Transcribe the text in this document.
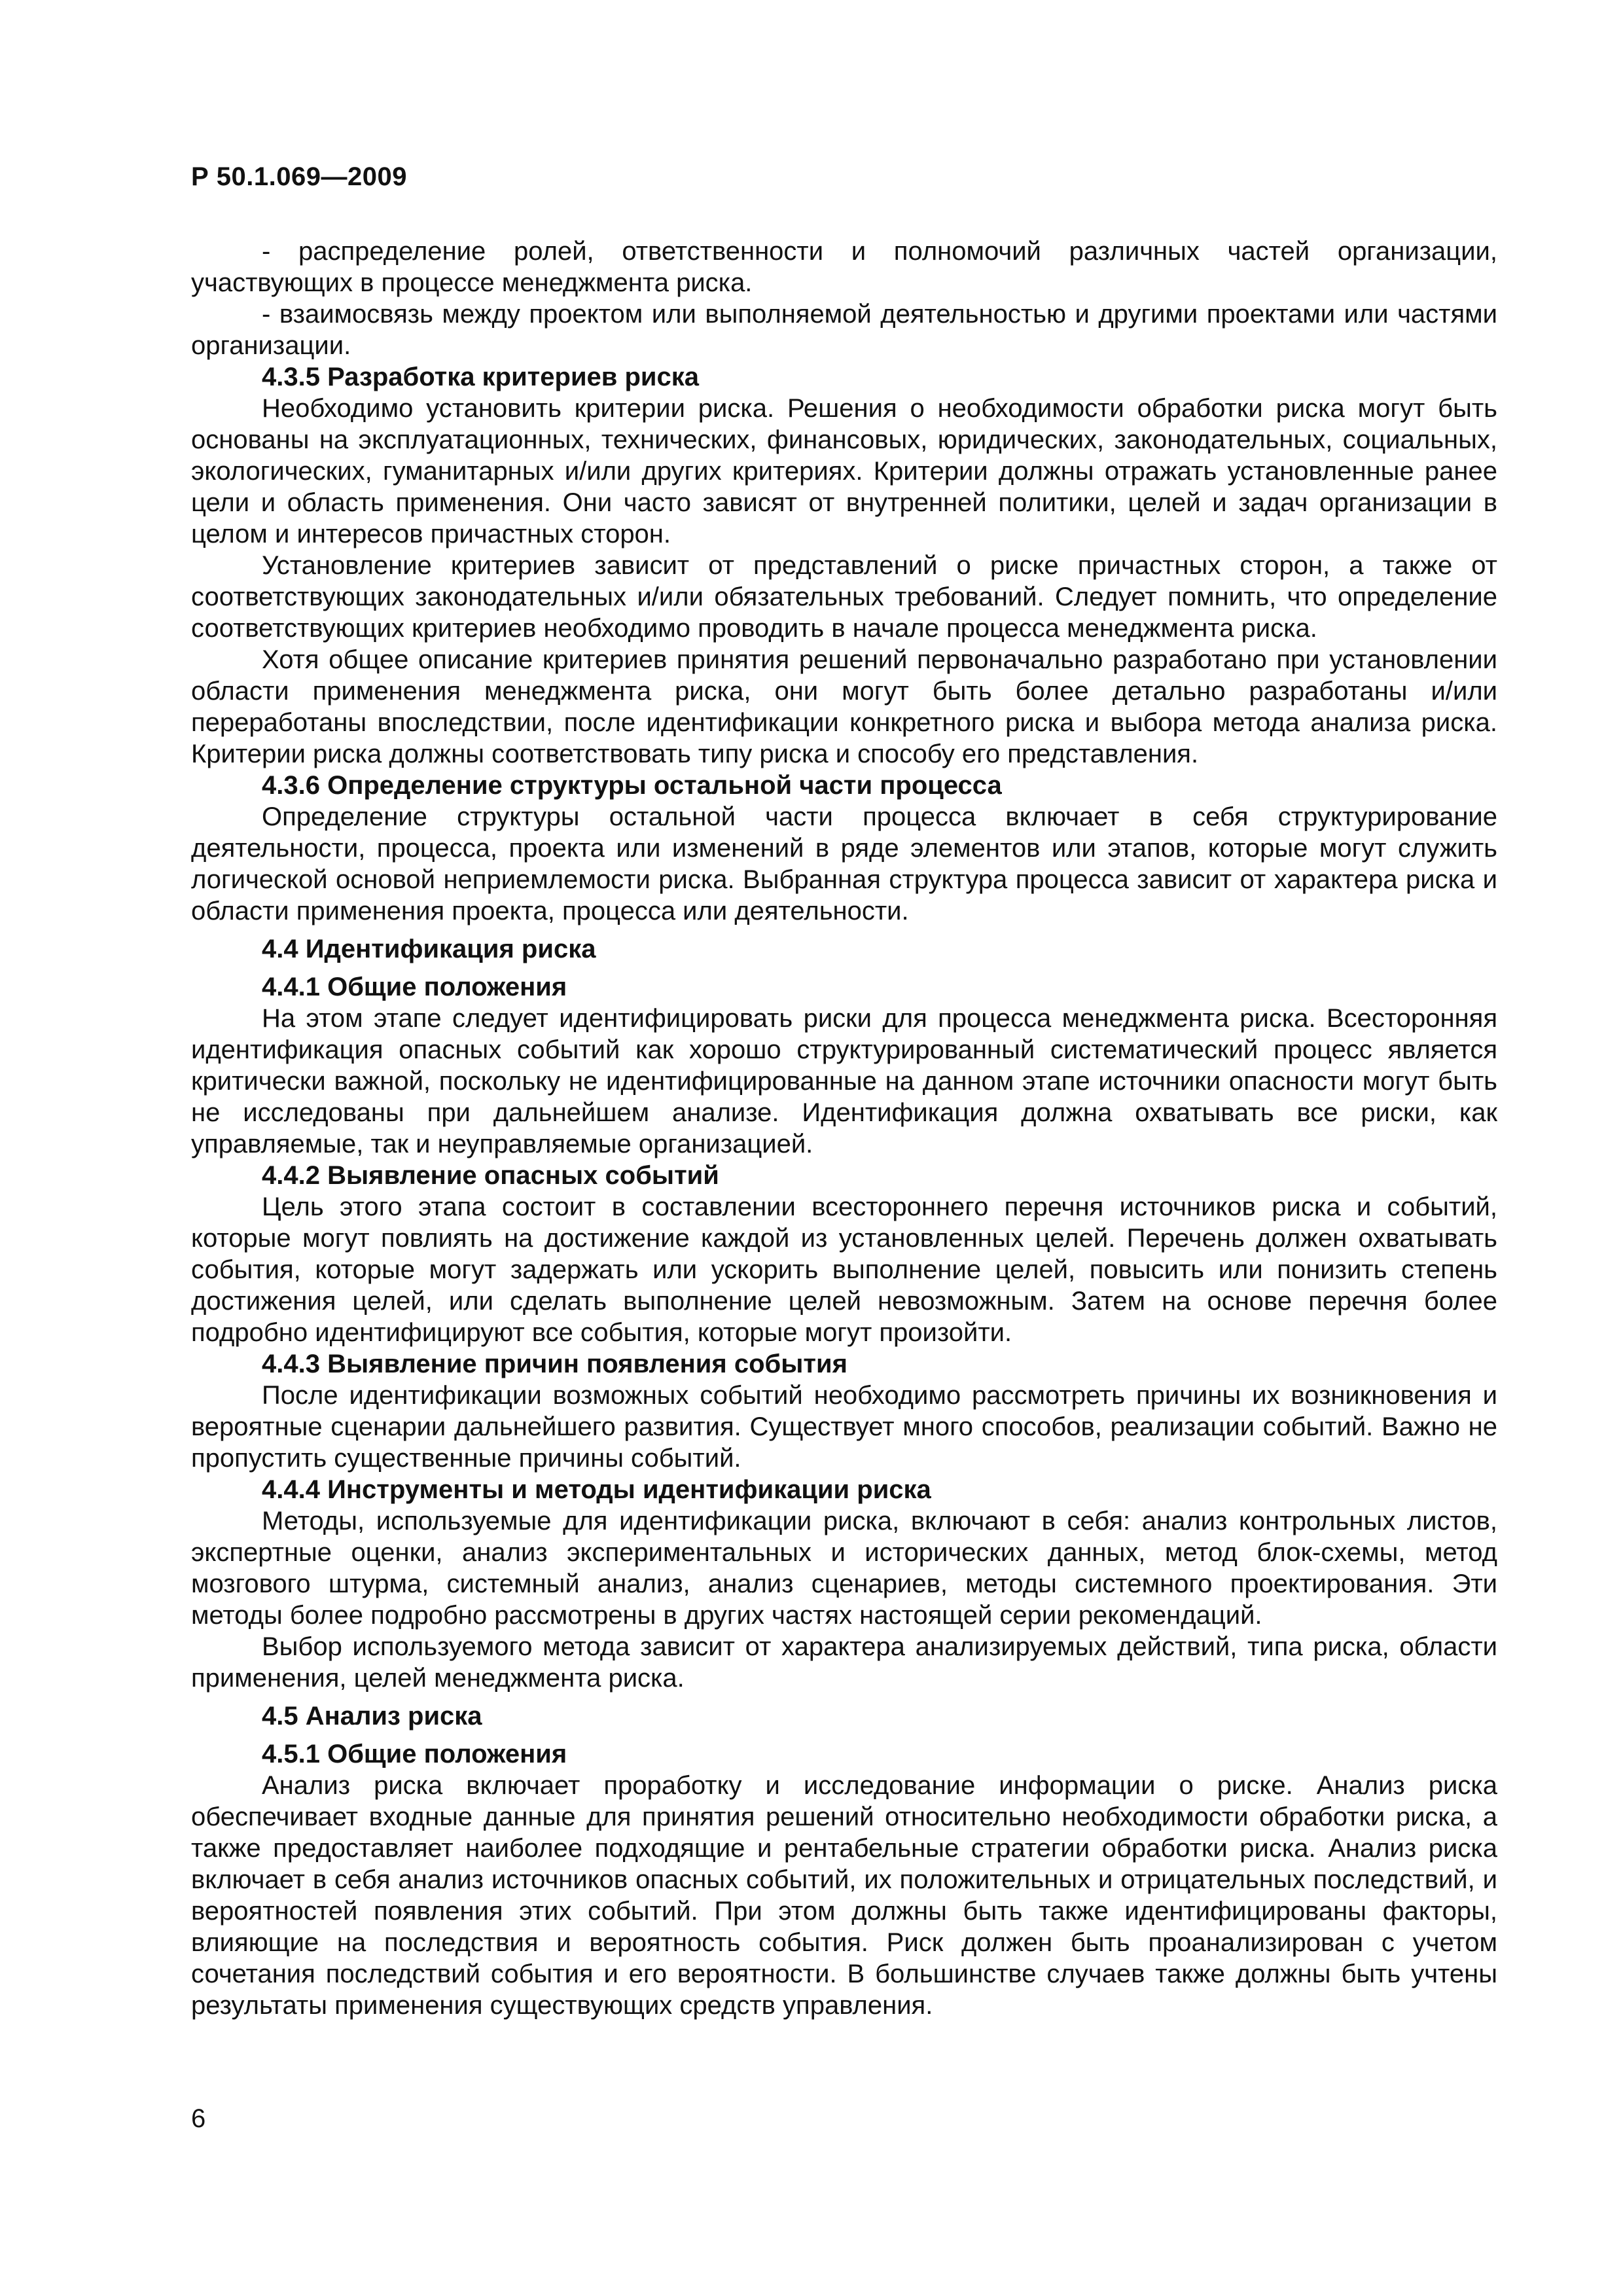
Р 50.1.069—2009

- распределение ролей, ответственности и полномочий различных частей организации, участвующих в процессе менеджмента риска.

- взаимосвязь между проектом или выполняемой деятельностью и другими проектами или частями организации.

4.3.5 Разработка критериев риска

Необходимо установить критерии риска. Решения о необходимости обработки риска могут быть основаны на эксплуатационных, технических, финансовых, юридических, законодательных, социальных, экологических, гуманитарных и/или других критериях. Критерии должны отражать установленные ранее цели и область применения. Они часто зависят от внутренней политики, целей и задач организации в целом и интересов причастных сторон.

Установление критериев зависит от представлений о риске причастных сторон, а также от соответствующих законодательных и/или обязательных требований. Следует помнить, что определение соответствующих критериев необходимо проводить в начале процесса менеджмента риска.

Хотя общее описание критериев принятия решений первоначально разработано при установлении области применения менеджмента риска, они могут быть более детально разработаны и/или переработаны впоследствии, после идентификации конкретного риска и выбора метода анализа риска. Критерии риска должны соответствовать типу риска и способу его представления.

4.3.6 Определение структуры остальной части процесса

Определение структуры остальной части процесса включает в себя структурирование деятельности, процесса, проекта или изменений в ряде элементов или этапов, которые могут служить логической основой неприемлемости риска. Выбранная структура процесса зависит от характера риска и области применения проекта, процесса или деятельности.

4.4 Идентификация риска

4.4.1 Общие положения

На этом этапе следует идентифицировать риски для процесса менеджмента риска. Всесторонняя идентификация опасных событий как хорошо структурированный систематический процесс является критически важной, поскольку не идентифицированные на данном этапе источники опасности могут быть не исследованы при дальнейшем анализе. Идентификация должна охватывать все риски, как управляемые, так и неуправляемые организацией.

4.4.2 Выявление опасных событий

Цель этого этапа состоит в составлении всестороннего перечня источников риска и событий, которые могут повлиять на достижение каждой из установленных целей. Перечень должен охватывать события, которые могут задержать или ускорить выполнение целей, повысить или понизить степень достижения целей, или сделать выполнение целей невозможным. Затем на основе перечня более подробно идентифицируют все события, которые могут произойти.

4.4.3 Выявление причин появления события

После идентификации возможных событий необходимо рассмотреть причины их возникновения и вероятные сценарии дальнейшего развития. Существует много способов, реализации событий. Важно не пропустить существенные причины событий.

4.4.4 Инструменты и методы идентификации риска

Методы, используемые для идентификации риска, включают в себя: анализ контрольных листов, экспертные оценки, анализ экспериментальных и исторических данных, метод блок-схемы, метод мозгового штурма, системный анализ, анализ сценариев, методы системного проектирования. Эти методы более подробно рассмотрены в других частях настоящей серии рекомендаций.

Выбор используемого метода зависит от характера анализируемых действий, типа риска, области применения, целей менеджмента риска.

4.5 Анализ риска

4.5.1 Общие положения

Анализ риска включает проработку и исследование информации о риске. Анализ риска обеспечивает входные данные для принятия решений относительно необходимости обработки риска, а также предоставляет наиболее подходящие и рентабельные стратегии обработки риска. Анализ риска включает в себя анализ источников опасных событий, их положительных и отрицательных последствий, и вероятностей появления этих событий. При этом должны быть также идентифицированы факторы, влияющие на последствия и вероятность события. Риск должен быть проанализирован с учетом сочетания последствий события и его вероятности. В большинстве случаев также должны быть учтены результаты применения существующих средств управления.

6
